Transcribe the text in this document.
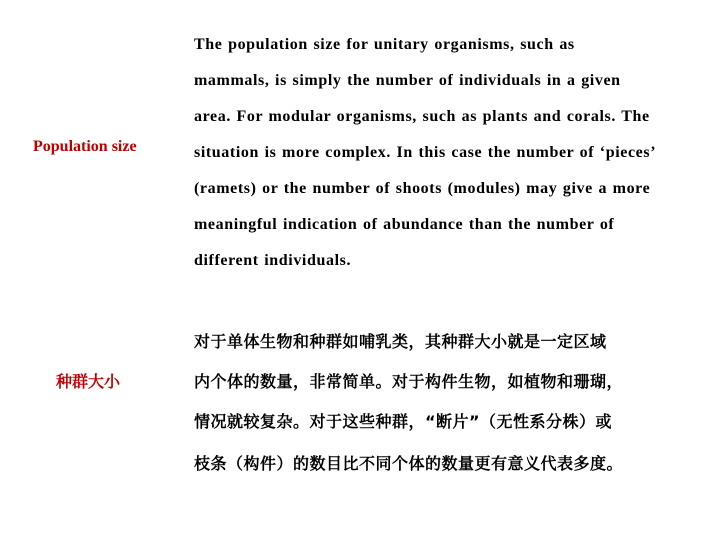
Population size
The population size for unitary organisms, such as
mammals, is simply the number of individuals in a given
area. For modular organisms, such as plants and corals. The
situation is more complex. In this case the number of ‘pieces’
(ramets) or the number of shoots (modules) may give a more
meaningful indication of abundance than the number of
different individuals.
种群大小
对于单体生物和种群如哺乳类，其种群大小就是一定区域
内个体的数量，非常简单。对于构件生物，如植物和珊瑚，
情况就较复杂。对于这些种群，“断片”（无性系分株）或
枝条（构件）的数目比不同个体的数量更有意义代表多度。
